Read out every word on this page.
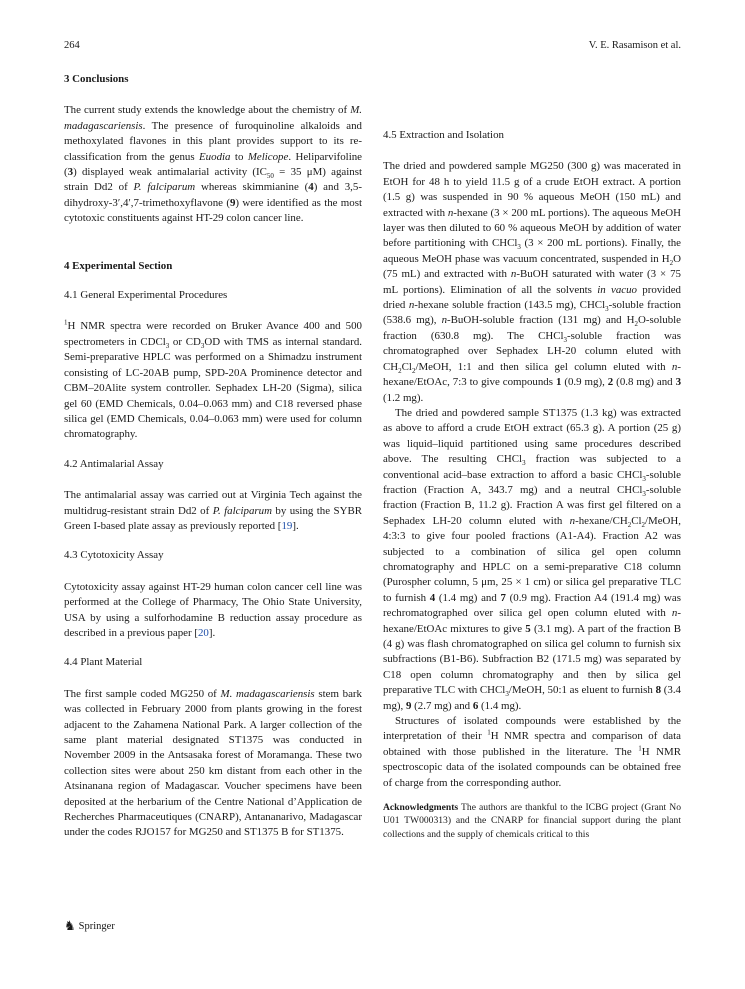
264	V. E. Rasamison et al.
3 Conclusions

The current study extends the knowledge about the chemistry of M. madagascariensis. The presence of furoquinoline alkaloids and methoxylated flavones in this plant provides support to its re-classification from the genus Euodia to Melicope. Heliparvifoline (3) displayed weak antimalarial activity ($IC_{50} = 35$ μM) against strain Dd2 of P. falciparum whereas skimmianine (4) and 3,5-dihydroxy-3′,4′,7-trimethoxyflavone (9) were identified as the most cytotoxic constituents against HT-29 colon cancer line.

4 Experimental Section
4.1 General Experimental Procedures

$^1$H NMR spectra were recorded on Bruker Avance 400 and 500 spectrometers in CDCl$_3$ or $CD_3OD$ with TMS as internal standard. Semi-preparative HPLC was performed on a Shimadzu instrument consisting of LC-20AB pump, SPD-20A Prominence detector and CBM–20Alite system controller. Sephadex LH-20 (Sigma), silica gel 60 (EMD Chemicals, 0.04–0.063 mm) and C18 reversed phase silica gel (EMD Chemicals, 0.04–0.063 mm) were used for column chromatography.

4.2 Antimalarial Assay

The antimalarial assay was carried out at Virginia Tech against the multidrug-resistant strain Dd2 of P. falciparum by using the SYBR Green I-based plate assay as previously reported [19].

4.3 Cytotoxicity Assay

Cytotoxicity assay against HT-29 human colon cancer cell line was performed at the College of Pharmacy, The Ohio State University, USA by using a sulforhodamine B reduction assay procedure as described in a previous paper [20].

4.4 Plant Material

The first sample coded MG250 of M. madagascariensis stem bark was collected in February 2000 from plants growing in the forest adjacent to the Zahamena National Park. A larger collection of the same plant material designated ST1375 was conducted in November 2009 in the Antsasaka forest of Moramanga. These two collection sites were about 250 km distant from each other in the Atsinanana region of Madagascar. Voucher specimens have been deposited at the herbarium of the Centre National d’Application de Recherches Pharmaceutiques (CNARP), Antananarivo, Madagascar under the codes RJO157 for MG250 and ST1375 B for ST1375.

4.5 Extraction and Isolation

The dried and powdered sample MG250 (300 g) was macerated in EtOH for 48 h to yield 11.5 g of a crude EtOH extract. A portion (1.5 g) was suspended in 90 % aqueous MeOH (150 mL) and extracted with n-hexane (3 × 200 mL portions). The aqueous MeOH layer was then diluted to 60 % aqueous MeOH by addition of water before partitioning with CHCl$_3$ (3 × 200 mL portions). Finally, the aqueous MeOH phase was vacuum concentrated, suspended in $H_2O$ (75 mL) and extracted with n-BuOH saturated with water (3 × 75 mL portions). Elimination of all the solvents in vacuo provided dried n-hexane soluble fraction (143.5 mg), CHCl$_3$-soluble fraction (538.6 mg), n-BuOH-soluble fraction (131 mg) and $H_2O$-soluble fraction (630.8 mg). The CHCl$_3$-soluble fraction was chromatographed over Sephadex LH-20 column eluted with $CH_2Cl_2$/MeOH, 1:1 and then silica gel column eluted with n-hexane/EtOAc, 7:3 to give compounds 1 (0.9 mg), 2 (0.8 mg) and 3 (1.2 mg).

The dried and powdered sample ST1375 (1.3 kg) was extracted as above to afford a crude EtOH extract (65.3 g). A portion (25 g) was liquid–liquid partitioned using same procedures described above. The resulting CHCl$_3$ fraction was subjected to a conventional acid–base extraction to afford a basic CHCl$_3$-soluble fraction (Fraction A, 343.7 mg) and a neutral CHCl$_3$-soluble fraction (Fraction B, 11.2 g). Fraction A was first gel filtered on a Sephadex LH-20 column eluted with $n-hexane/CH_2Cl_2$/MeOH, 4:3:3 to give four pooled fractions (A1-A4). Fraction A2 was subjected to a combination of silica gel open column chromatography and HPLC on a semi-preparative C18 column (Purospher column, 5 μm, 25 × 1 cm) or silica gel preparative TLC to furnish 4 (1.4 mg) and 7 (0.9 mg). Fraction A4 (191.4 mg) was rechromatographed over silica gel open column eluted with n-hexane/EtOAc mixtures to give 5 (3.1 mg). A part of the fraction B (4 g) was flash chromatographed on silica gel column to furnish six subfractions (B1-B6). Subfraction B2 (171.5 mg) was separated by C18 open column chromatography and then by silica gel preparative TLC with CHCl$_3$/MeOH, 50:1 as eluent to furnish 8 (3.4 mg), 9 (2.7 mg) and 6 (1.4 mg).

Structures of isolated compounds were established by the interpretation of their $^1$H NMR spectra and comparison of data obtained with those published in the literature. The $^1$H NMR spectroscopic data of the isolated compounds can be obtained free of charge from the corresponding author.

Acknowledgments The authors are thankful to the ICBG project (Grant No U01 TW000313) and the CNARP for financial support during the plant collections and the supply of chemicals critical to this

♞ Springer
